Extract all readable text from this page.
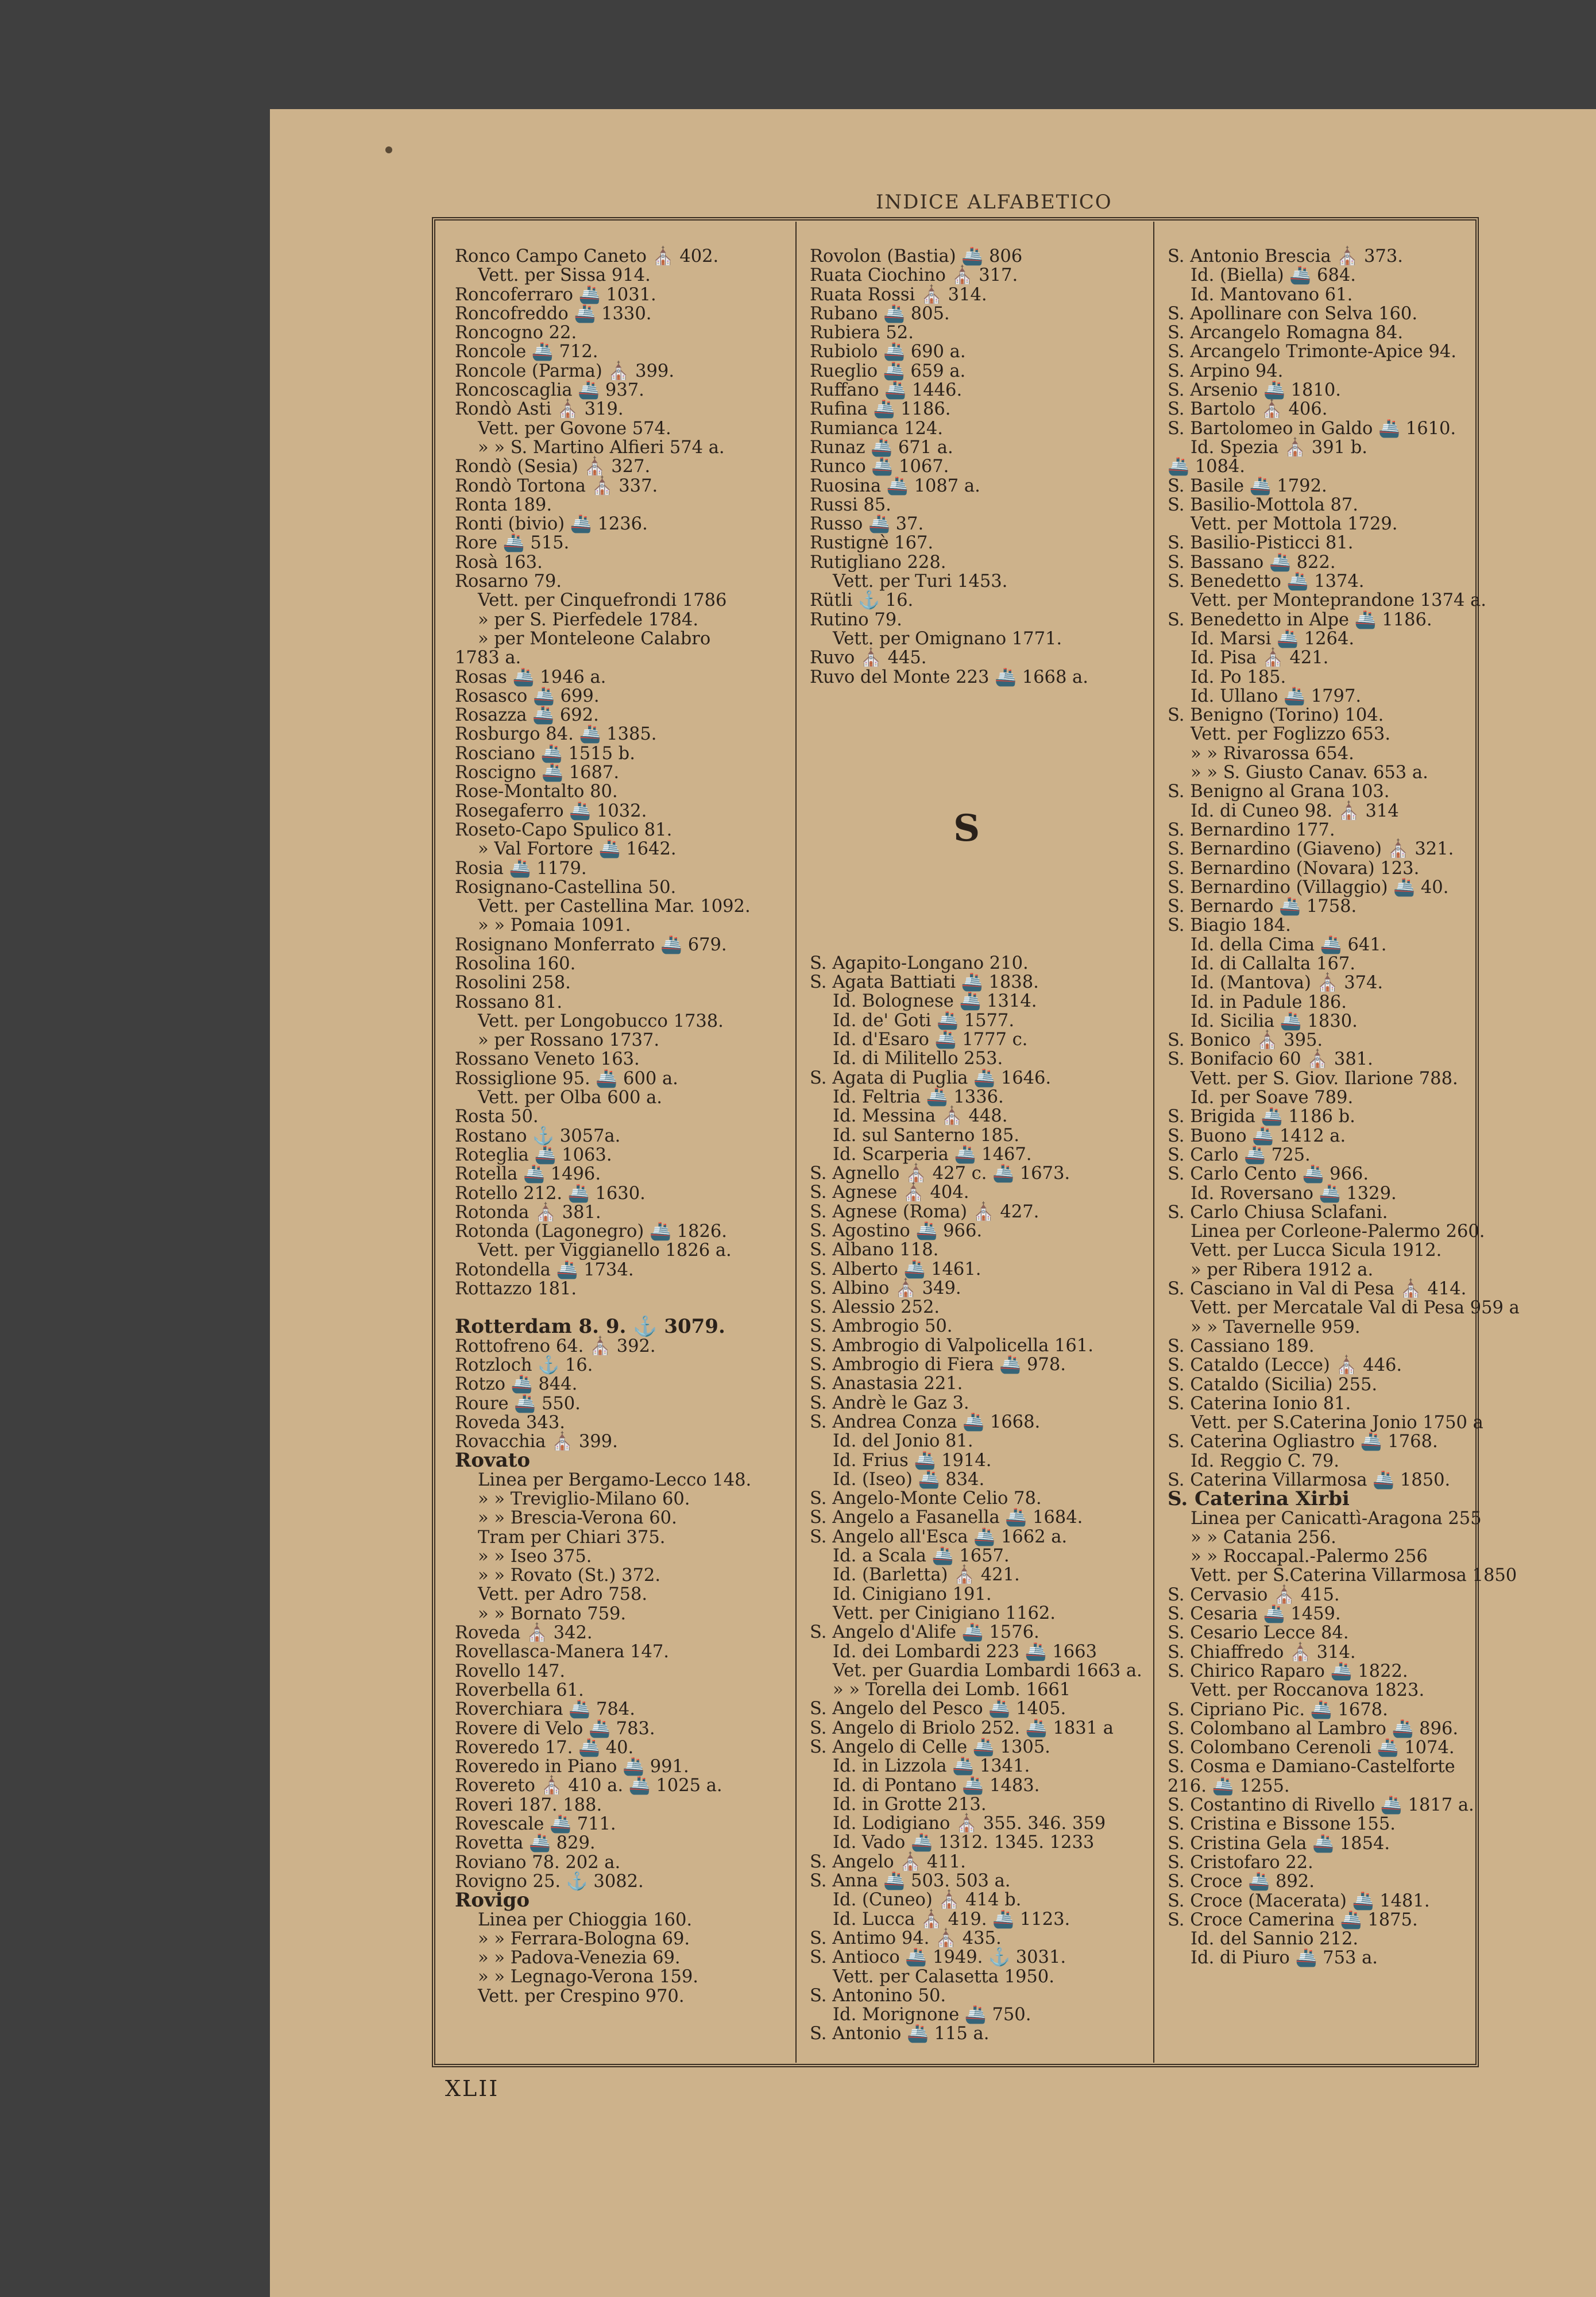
INDICE ALFABETICO
Ronco Campo Caneto ⛪ 402.
Vett. per Sissa 914.
Roncoferraro 🚢 1031.
Roncofreddo 🚢 1330.
Roncogno 22.
Roncole 🚢 712.
Roncole (Parma) ⛪ 399.
Roncoscaglia 🚢 937.
Rondò Asti ⛪ 319.
Vett. per Govone 574.
» » S. Martino Alfieri 574 a.
Rondò (Sesia) ⛪ 327.
Rondò Tortona ⛪ 337.
Ronta 189.
Ronti (bivio) 🚢 1236.
Rore 🚢 515.
Rosà 163.
Rosarno 79.
Vett. per Cinquefrondi 1786
» per S. Pierfedele 1784.
» per Monteleone Calabro
1783 a.
Rosas 🚢 1946 a.
Rosasco 🚢 699.
Rosazza 🚢 692.
Rosburgo 84. 🚢 1385.
Rosciano 🚢 1515 b.
Roscigno 🚢 1687.
Rose-Montalto 80.
Rosegaferro 🚢 1032.
Roseto-Capo Spulico 81.
» Val Fortore 🚢 1642.
Rosia 🚢 1179.
Rosignano-Castellina 50.
Vett. per Castellina Mar. 1092.
» » Pomaia 1091.
Rosignano Monferrato 🚢 679.
Rosolina 160.
Rosolini 258.
Rossano 81.
Vett. per Longobucco 1738.
» per Rossano 1737.
Rossano Veneto 163.
Rossiglione 95. 🚢 600 a.
Vett. per Olba 600 a.
Rosta 50.
Rostano ⚓ 3057a.
Roteglia 🚢 1063.
Rotella 🚢 1496.
Rotello 212. 🚢 1630.
Rotonda ⛪ 381.
Rotonda (Lagonegro) 🚢 1826.
Vett. per Viggianello 1826 a.
Rotondella 🚢 1734.
Rottazzo 181.
Rotterdam 8. 9. ⚓ 3079.
Rottofreno 64. ⛪ 392.
Rotzloch ⚓ 16.
Rotzo 🚢 844.
Roure 🚢 550.
Roveda 343.
Rovacchia ⛪ 399.
Rovato
Linea per Bergamo-Lecco 148.
» » Treviglio-Milano 60.
» » Brescia-Verona 60.
Tram per Chiari 375.
» » Iseo 375.
» » Rovato (St.) 372.
Vett. per Adro 758.
» » Bornato 759.
Roveda ⛪ 342.
Rovellasca-Manera 147.
Rovello 147.
Roverbella 61.
Roverchiara 🚢 784.
Rovere di Velo 🚢 783.
Roveredo 17. 🚢 40.
Roveredo in Piano 🚢 991.
Rovereto ⛪ 410 a. 🚢 1025 a.
Roveri 187. 188.
Rovescale 🚢 711.
Rovetta 🚢 829.
Roviano 78. 202 a.
Rovigno 25. ⚓ 3082.
Rovigo
Linea per Chioggia 160.
» » Ferrara-Bologna 69.
» » Padova-Venezia 69.
» » Legnago-Verona 159.
Vett. per Crespino 970.
Rovolon (Bastia) 🚢 806
Ruata Ciochino ⛪ 317.
Ruata Rossi ⛪ 314.
Rubano 🚢 805.
Rubiera 52.
Rubiolo 🚢 690 a.
Rueglio 🚢 659 a.
Ruffano 🚢 1446.
Rufina 🚢 1186.
Rumianca 124.
Runaz 🚢 671 a.
Runco 🚢 1067.
Ruosina 🚢 1087 a.
Russi 85.
Russo 🚢 37.
Rustignè 167.
Rutigliano 228.
Vett. per Turi 1453.
Rütli ⚓ 16.
Rutino 79.
Vett. per Omignano 1771.
Ruvo ⛪ 445.
Ruvo del Monte 223 🚢 1668 a.
S. Agapito-Longano 210.
S. Agata Battiati 🚢 1838.
Id. Bolognese 🚢 1314.
Id. de' Goti 🚢 1577.
Id. d'Esaro 🚢 1777 c.
Id. di Militello 253.
S. Agata di Puglia 🚢 1646.
Id. Feltria 🚢 1336.
Id. Messina ⛪ 448.
Id. sul Santerno 185.
Id. Scarperia 🚢 1467.
S. Agnello ⛪ 427 c. 🚢 1673.
S. Agnese ⛪ 404.
S. Agnese (Roma) ⛪ 427.
S. Agostino 🚢 966.
S. Albano 118.
S. Alberto 🚢 1461.
S. Albino ⛪ 349.
S. Alessio 252.
S. Ambrogio 50.
S. Ambrogio di Valpolicella 161.
S. Ambrogio di Fiera 🚢 978.
S. Anastasia 221.
S. Andrè le Gaz 3.
S. Andrea Conza 🚢 1668.
Id. del Jonio 81.
Id. Frius 🚢 1914.
Id. (Iseo) 🚢 834.
S. Angelo-Monte Celio 78.
S. Angelo a Fasanella 🚢 1684.
S. Angelo all'Esca 🚢 1662 a.
Id. a Scala 🚢 1657.
Id. (Barletta) ⛪ 421.
Id. Cinigiano 191.
Vett. per Cinigiano 1162.
S. Angelo d'Alife 🚢 1576.
Id. dei Lombardi 223 🚢 1663
Vet. per Guardia Lombardi 1663 a.
» » Torella dei Lomb. 1661
S. Angelo del Pesco 🚢 1405.
S. Angelo di Briolo 252. 🚢 1831 a
S. Angelo di Celle 🚢 1305.
Id. in Lizzola 🚢 1341.
Id. di Pontano 🚢 1483.
Id. in Grotte 213.
Id. Lodigiano ⛪ 355. 346. 359
Id. Vado 🚢 1312. 1345. 1233
S. Angelo ⛪ 411.
S. Anna 🚢 503. 503 a.
Id. (Cuneo) ⛪ 414 b.
Id. Lucca ⛪ 419. 🚢 1123.
S. Antimo 94. ⛪ 435.
S. Antioco 🚢 1949. ⚓ 3031.
Vett. per Calasetta 1950.
S. Antonino 50.
Id. Morignone 🚢 750.
S. Antonio 🚢 115 a.
S. Antonio Brescia ⛪ 373.
Id. (Biella) 🚢 684.
Id. Mantovano 61.
S. Apollinare con Selva 160.
S. Arcangelo Romagna 84.
S. Arcangelo Trimonte-Apice 94.
S. Arpino 94.
S. Arsenio 🚢 1810.
S. Bartolo ⛪ 406.
S. Bartolomeo in Galdo 🚢 1610.
Id. Spezia ⛪ 391 b.
🚢 1084.
S. Basile 🚢 1792.
S. Basilio-Mottola 87.
Vett. per Mottola 1729.
S. Basilio-Pisticci 81.
S. Bassano 🚢 822.
S. Benedetto 🚢 1374.
Vett. per Monteprandone 1374 a.
S. Benedetto in Alpe 🚢 1186.
Id. Marsi 🚢 1264.
Id. Pisa ⛪ 421.
Id. Po 185.
Id. Ullano 🚢 1797.
S. Benigno (Torino) 104.
Vett. per Foglizzo 653.
» » Rivarossa 654.
» » S. Giusto Canav. 653 a.
S. Benigno al Grana 103.
Id. di Cuneo 98. ⛪ 314
S. Bernardino 177.
S. Bernardino (Giaveno) ⛪ 321.
S. Bernardino (Novara) 123.
S. Bernardino (Villaggio) 🚢 40.
S. Bernardo 🚢 1758.
S. Biagio 184.
Id. della Cima 🚢 641.
Id. di Callalta 167.
Id. (Mantova) ⛪ 374.
Id. in Padule 186.
Id. Sicilia 🚢 1830.
S. Bonico ⛪ 395.
S. Bonifacio 60 ⛪ 381.
Vett. per S. Giov. Ilarione 788.
Id. per Soave 789.
S. Brigida 🚢 1186 b.
S. Buono 🚢 1412 a.
S. Carlo 🚢 725.
S. Carlo Cento 🚢 966.
Id. Roversano 🚢 1329.
S. Carlo Chiusa Sclafani.
Linea per Corleone-Palermo 260.
Vett. per Lucca Sicula 1912.
» per Ribera 1912 a.
S. Casciano in Val di Pesa ⛪ 414.
Vett. per Mercatale Val di Pesa 959 a
» » Tavernelle 959.
S. Cassiano 189.
S. Cataldo (Lecce) ⛪ 446.
S. Cataldo (Sicilia) 255.
S. Caterina Ionio 81.
Vett. per S.Caterina Jonio 1750 a
S. Caterina Ogliastro 🚢 1768.
Id. Reggio C. 79.
S. Caterina Villarmosa 🚢 1850.
S. Caterina Xirbi
Linea per Canicattì-Aragona 255
» » Catania 256.
» » Roccapal.-Palermo 256
Vett. per S.Caterina Villarmosa 1850
S. Cervasio ⛪ 415.
S. Cesaria 🚢 1459.
S. Cesario Lecce 84.
S. Chiaffredo ⛪ 314.
S. Chirico Raparo 🚢 1822.
Vett. per Roccanova 1823.
S. Cipriano Pic. 🚢 1678.
S. Colombano al Lambro 🚢 896.
S. Colombano Cerenoli 🚢 1074.
S. Cosma e Damiano-Castelforte
216. 🚢 1255.
S. Costantino di Rivello 🚢 1817 a.
S. Cristina e Bissone 155.
S. Cristina Gela 🚢 1854.
S. Cristofaro 22.
S. Croce 🚢 892.
S. Croce (Macerata) 🚢 1481.
S. Croce Camerina 🚢 1875.
Id. del Sannio 212.
Id. di Piuro 🚢 753 a.
S
XLII
